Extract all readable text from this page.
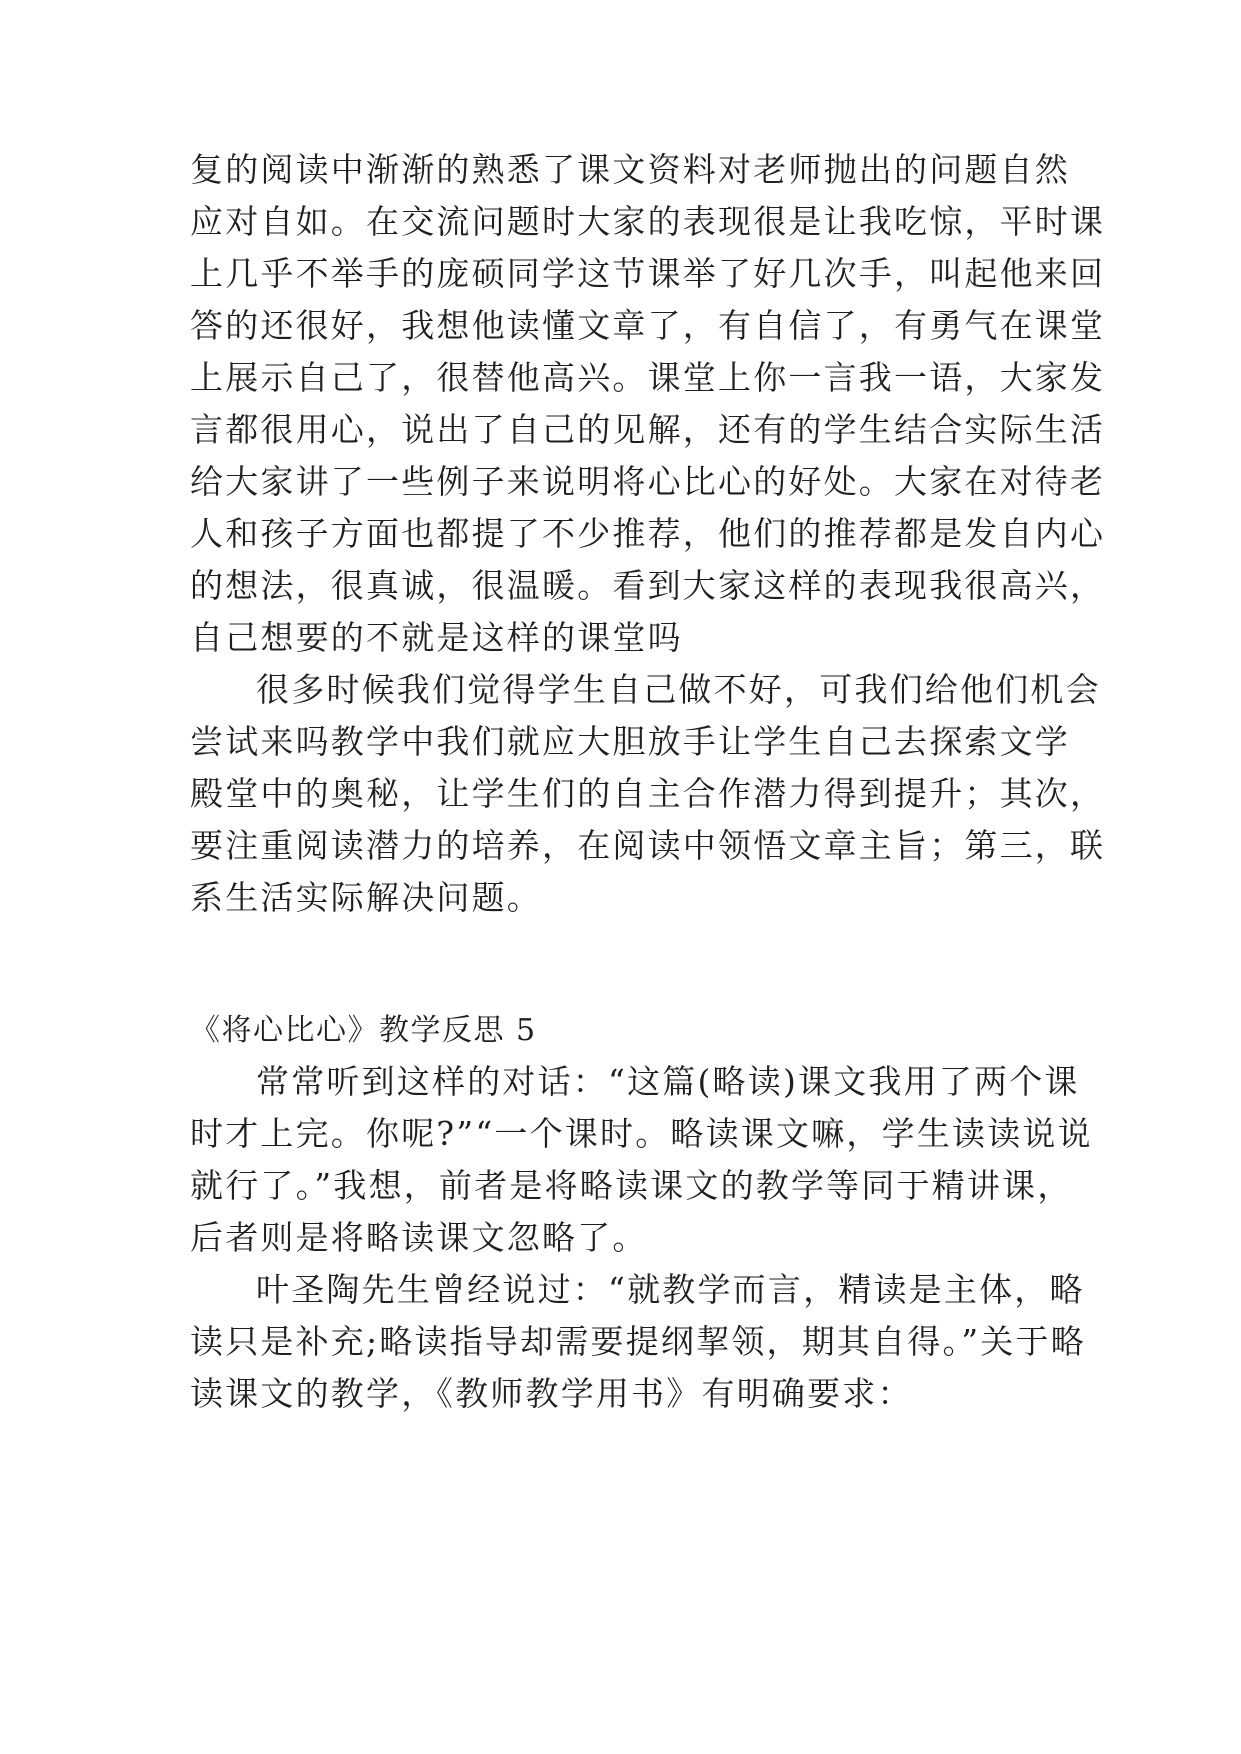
复的阅读中渐渐的熟悉了课文资料对老师抛出的问题自然
应对自如。在交流问题时大家的表现很是让我吃惊，平时课
上几乎不举手的庞硕同学这节课举了好几次手，叫起他来回
答的还很好，我想他读懂文章了，有自信了，有勇气在课堂
上展示自己了，很替他高兴。课堂上你一言我一语，大家发
言都很用心，说出了自己的见解，还有的学生结合实际生活
给大家讲了一些例子来说明将心比心的好处。大家在对待老
人和孩子方面也都提了不少推荐，他们的推荐都是发自内心
的想法，很真诚，很温暖。看到大家这样的表现我很高兴，
自己想要的不就是这样的课堂吗
很多时候我们觉得学生自己做不好，可我们给他们机会
尝试来吗教学中我们就应大胆放手让学生自己去探索文学
殿堂中的奥秘，让学生们的自主合作潜力得到提升；其次，
要注重阅读潜力的培养，在阅读中领悟文章主旨；第三，联
系生活实际解决问题。
《将心比心》教学反思 5
常常听到这样的对话：“这篇(略读)课文我用了两个课
时才上完。你呢?”“一个课时。略读课文嘛，学生读读说说
就行了。”我想，前者是将略读课文的教学等同于精讲课，
后者则是将略读课文忽略了。
叶圣陶先生曾经说过：“就教学而言，精读是主体，略
读只是补充;略读指导却需要提纲挈领，期其自得。”关于略
读课文的教学，《教师教学用书》有明确要求：
